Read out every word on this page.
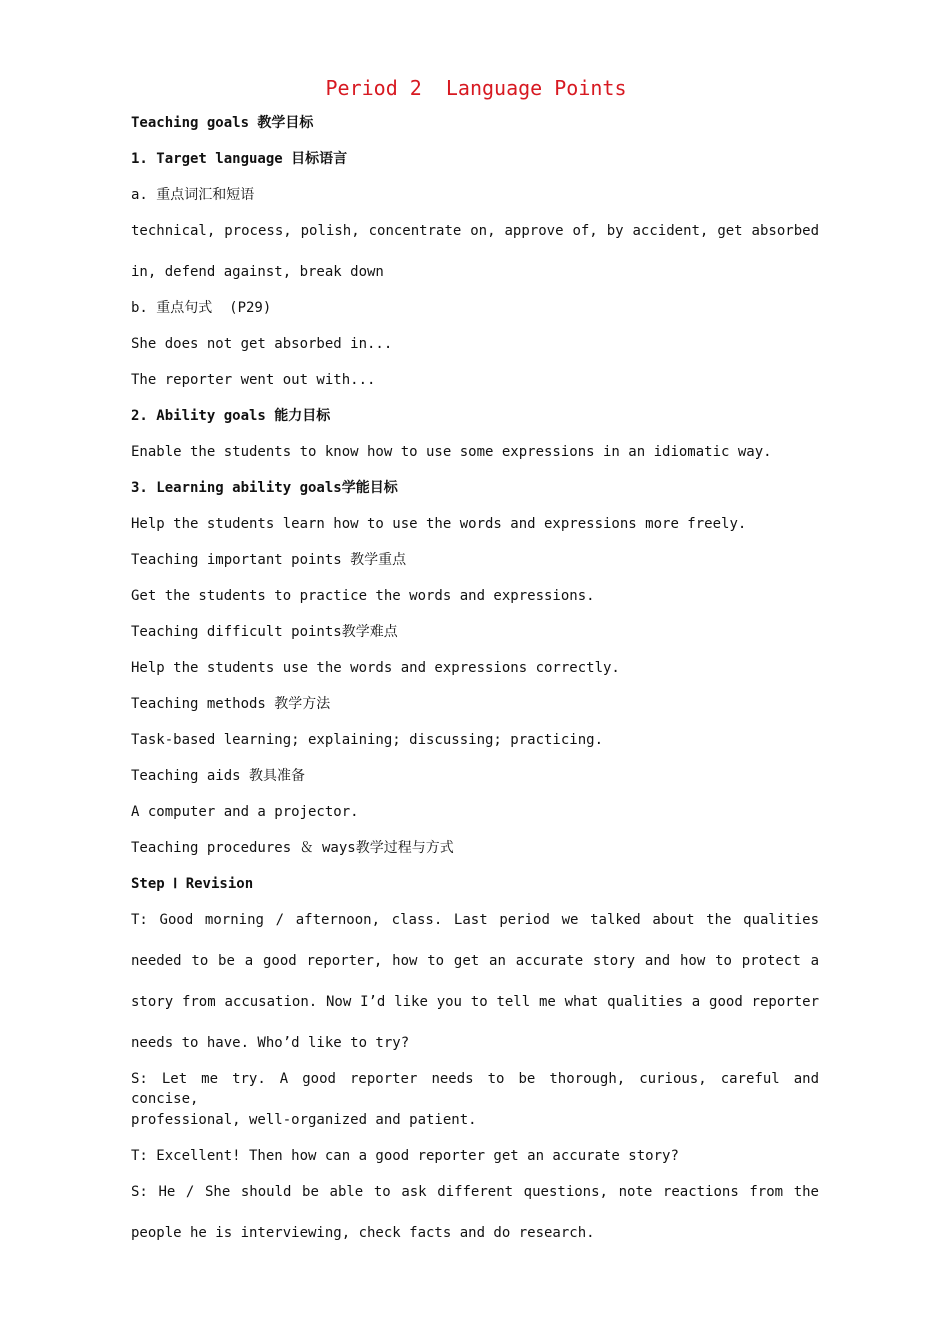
Period 2  Language Points
Teaching goals 教学目标
1. Target language 目标语言
a. 重点词汇和短语
technical, process, polish, concentrate on, approve of, by accident, get absorbed
in, defend against, break down
b. 重点句式  (P29)
She does not get absorbed in...
The reporter went out with...
2. Ability goals 能力目标
Enable the students to know how to use some expressions in an idiomatic way.
3. Learning ability goals学能目标
Help the students learn how to use the words and expressions more freely.
Teaching important points 教学重点
Get the students to practice the words and expressions.
Teaching difficult points教学难点
Help the students use the words and expressions correctly.
Teaching methods 教学方法
Task-based learning; explaining; discussing; practicing.
Teaching aids 教具准备
A computer and a projector.
Teaching procedures ＆ ways教学过程与方式
Step Ⅰ Revision
T: Good morning / afternoon, class. Last period we talked about the qualities
needed to be a good reporter, how to get an accurate story and how to protect a
story from accusation. Now I’d like you to tell me what qualities a good reporter
needs to have. Who’d like to try?
S: Let me try. A good reporter needs to be thorough, curious, careful and concise,
professional, well-organized and patient.
T: Excellent! Then how can a good reporter get an accurate story?
S: He / She should be able to ask different questions, note reactions from the
people he is interviewing, check facts and do research.
